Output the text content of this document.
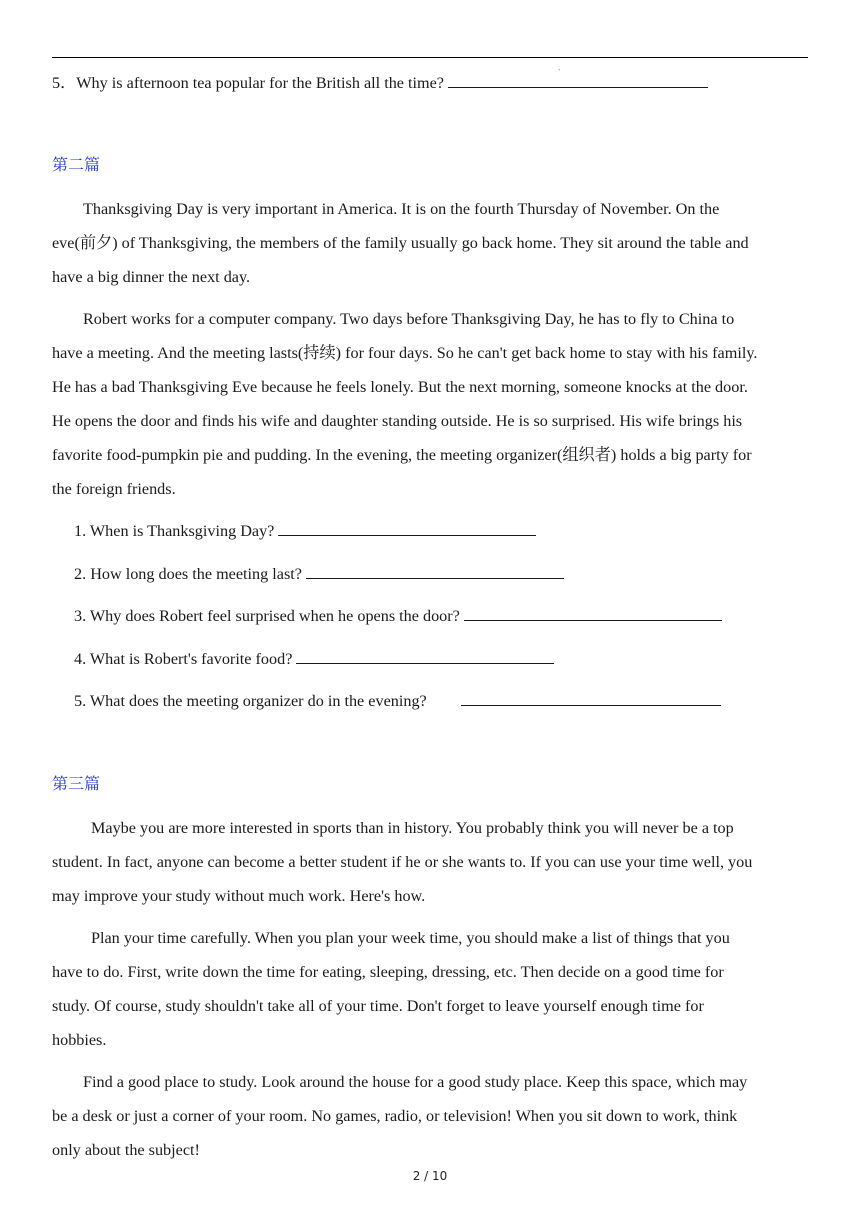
`
5．Why is afternoon tea popular for the British all the time?
第二篇
Thanksgiving Day is very important in America. It is on the fourth Thursday of November. On the
eve(前夕) of Thanksgiving, the members of the family usually go back home. They sit around the table and
have a big dinner the next day.
Robert works for a computer company. Two days before Thanksgiving Day, he has to fly to China to
have a meeting. And the meeting lasts(持续) for four days. So he can't get back home to stay with his family.
He has a bad Thanksgiving Eve because he feels lonely. But the next morning, someone knocks at the door.
He opens the door and finds his wife and daughter standing outside. He is so surprised. His wife brings his
favorite food-pumpkin pie and pudding. In the evening, the meeting organizer(组织者) holds a big party for
the foreign friends.
1. When is Thanksgiving Day?
2. How long does the meeting last?
3. Why does Robert feel surprised when he opens the door?
4. What is Robert's favorite food?
5. What does the meeting organizer do in the evening?
第三篇
Maybe you are more interested in sports than in history. You probably think you will never be a top
student. In fact, anyone can become a better student if he or she wants to. If you can use your time well, you
may improve your study without much work. Here's how.
Plan your time carefully. When you plan your week time, you should make a list of things that you
have to do. First, write down the time for eating, sleeping, dressing, etc. Then decide on a good time for
study. Of course, study shouldn't take all of your time. Don't forget to leave yourself enough time for
hobbies.
Find a good place to study. Look around the house for a good study place. Keep this space, which may
be a desk or just a corner of your room. No games, radio, or television! When you sit down to work, think
only about the subject!
2 / 10
